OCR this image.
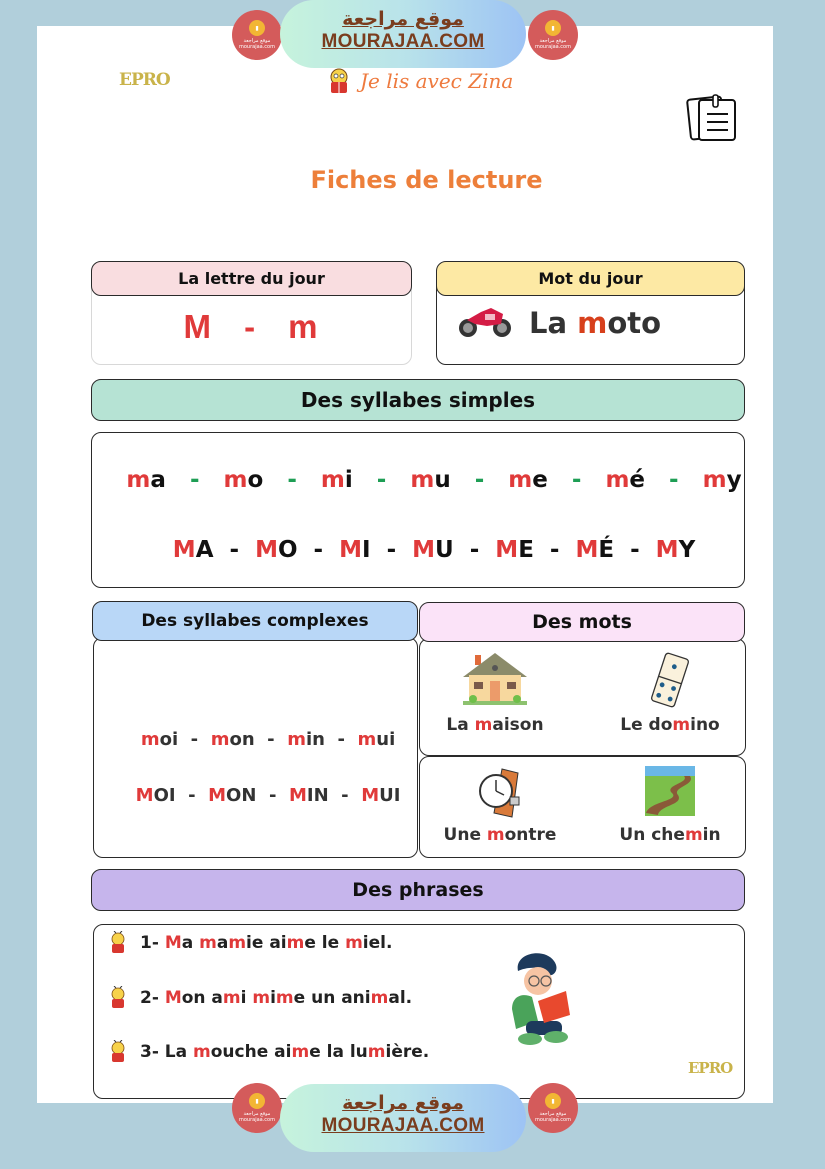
▮
موقع مراجعة mourajaa.com
موقع مراجعة
MOURAJAA.COM
▮
موقع مراجعة mourajaa.com
EPRO	Je lis avec Zina
Fiches de lecture
M - m
La lettre du jour
La moto
Mot du jour
Des syllabes simples

ma   -   mo   -   mi   -   mu   -   me   -   mé   -   my

MA  -  MO  -  MI  -  MU  -  ME  -  MÉ  -  MY

moi  -  mon  -  min  -  mui

MOI  -  MON  -  MIN  -  MUI

Des syllabes complexes
La maison	Le domino
Une montre	Un chemin
Des mots
Des phrases
1- Ma mamie aime le miel.
2- Mon ami mime un animal.
3- La mouche aime la lumière.
EPRO
▮
موقع مراجعة mourajaa.com
موقع مراجعة
MOURAJAA.COM
▮
موقع مراجعة mourajaa.com
